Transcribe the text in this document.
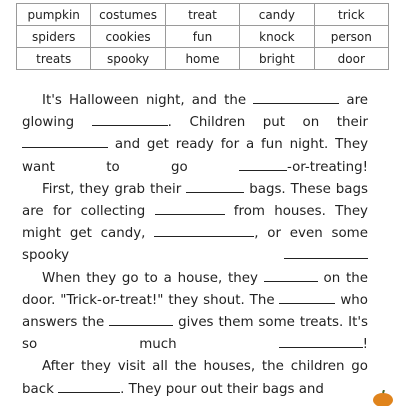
pumpkin	costumes	treat	candy	trick
spiders	cookies	fun	knock	person
treats	spooky	home	bright	door

It's Halloween night, and the	are glowing	. Children put on their  and get ready for a fun night. They want to go	-or-treating!

First, they grab their	bags. These bags are for collecting	from houses. They might get candy,	, or even some spooky

When they go to a house, they	on the door. "Trick-or-treat!" they shout. The	who answers the	gives them some treats. It's so much	!

After they visit all the houses, the children go back	. They pour out their bags and
